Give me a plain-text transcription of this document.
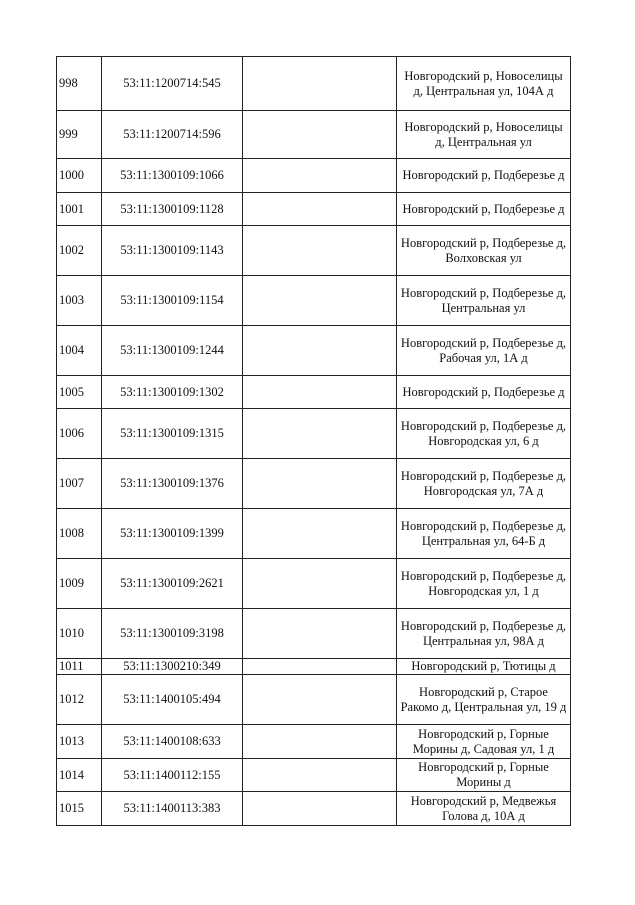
998	53:11:1200714:545		Новгородский р, Новоселицы д, Центральная ул, 104А д
999	53:11:1200714:596		Новгородский р, Новоселицы д, Центральная ул
1000	53:11:1300109:1066		Новгородский р, Подберезье д
1001	53:11:1300109:1128		Новгородский р, Подберезье д
1002	53:11:1300109:1143		Новгородский р, Подберезье д, Волховская ул
1003	53:11:1300109:1154		Новгородский р, Подберезье д, Центральная ул
1004	53:11:1300109:1244		Новгородский р, Подберезье д, Рабочая ул, 1А д
1005	53:11:1300109:1302		Новгородский р, Подберезье д
1006	53:11:1300109:1315		Новгородский р, Подберезье д, Новгородская ул, 6 д
1007	53:11:1300109:1376		Новгородский р, Подберезье д, Новгородская ул, 7А д
1008	53:11:1300109:1399		Новгородский р, Подберезье д, Центральная ул, 64-Б д
1009	53:11:1300109:2621		Новгородский р, Подберезье д, Новгородская ул, 1 д
1010	53:11:1300109:3198		Новгородский р, Подберезье д, Центральная ул, 98А д
1011	53:11:1300210:349		Новгородский р, Тютицы д
1012	53:11:1400105:494		Новгородский р, Старое Ракомо д, Центральная ул, 19 д
1013	53:11:1400108:633		Новгородский р, Горные Морины д, Садовая ул, 1 д
1014	53:11:1400112:155		Новгородский р, Горные Морины д
1015	53:11:1400113:383		Новгородский р, Медвежья Голова д, 10А д
